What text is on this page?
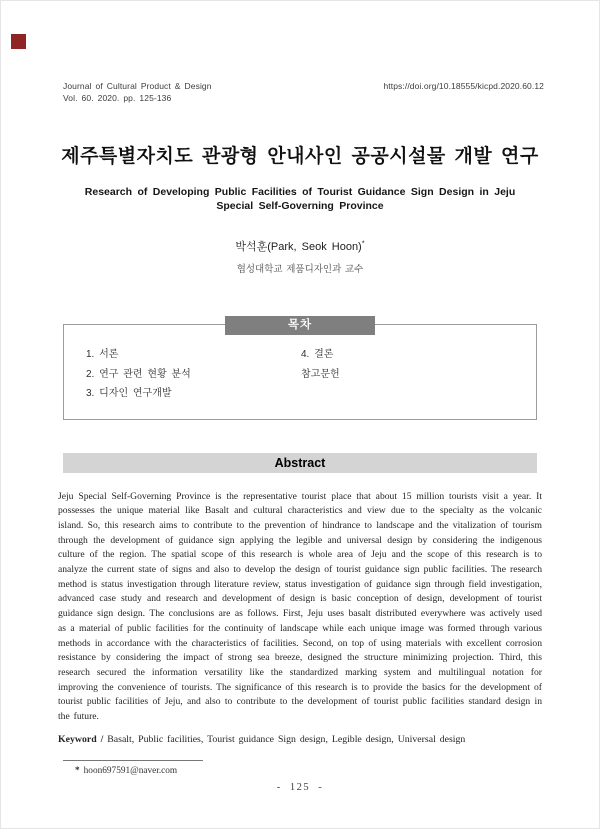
Journal of Cultural Product & Design
Vol. 60. 2020. pp. 125-136
https://doi.org/10.18555/kicpd.2020.60.12
제주특별자치도 관광형 안내사인 공공시설물 개발 연구
Research of Developing Public Facilities of Tourist Guidance Sign Design in Jeju Special Self-Governing Province
박석훈(Park, Seok Hoon)*
협성대학교 제품디자인과 교수
목차
1. 서론
2. 연구 관련 현황 분석
3. 디자인 연구개발
4. 결론
참고문헌
Abstract
Jeju Special Self-Governing Province is the representative tourist place that about 15 million tourists visit a year. It possesses the unique material like Basalt and cultural characteristics and view due to the specialty as the volcanic island. So, this research aims to contribute to the prevention of hindrance to landscape and the vitalization of tourism through the development of guidance sign applying the legible and universal design by considering the indigenous culture of the region. The spatial scope of this research is whole area of Jeju and the scope of this research is to analyze the current state of signs and also to develop the design of tourist guidance sign public facilities. The research method is status investigation through literature review, status investigation of guidance sign through field investigation, advanced case study and research and development of design is basic conception of design, development of tourist guidance sign design. The conclusions are as follows. First, Jeju uses basalt distributed everywhere was actively used as a material of public facilities for the continuity of landscape while each unique image was formed through various methods in accordance with the characteristics of facilities. Second, on top of using materials with excellent corrosion resistance by considering the impact of strong sea breeze, designed the structure minimizing projection. Third, this research secured the information versatility like the standardized marking system and multilingual notation for improving the convenience of tourists. The significance of this research is to provide the basics for the development of tourist public facilities of Jeju, and also to contribute to the development of tourist public facilities standard design in the future.
Keyword / Basalt, Public facilities, Tourist guidance Sign design, Legible design, Universal design
* hoon697591@naver.com
- 125 -
